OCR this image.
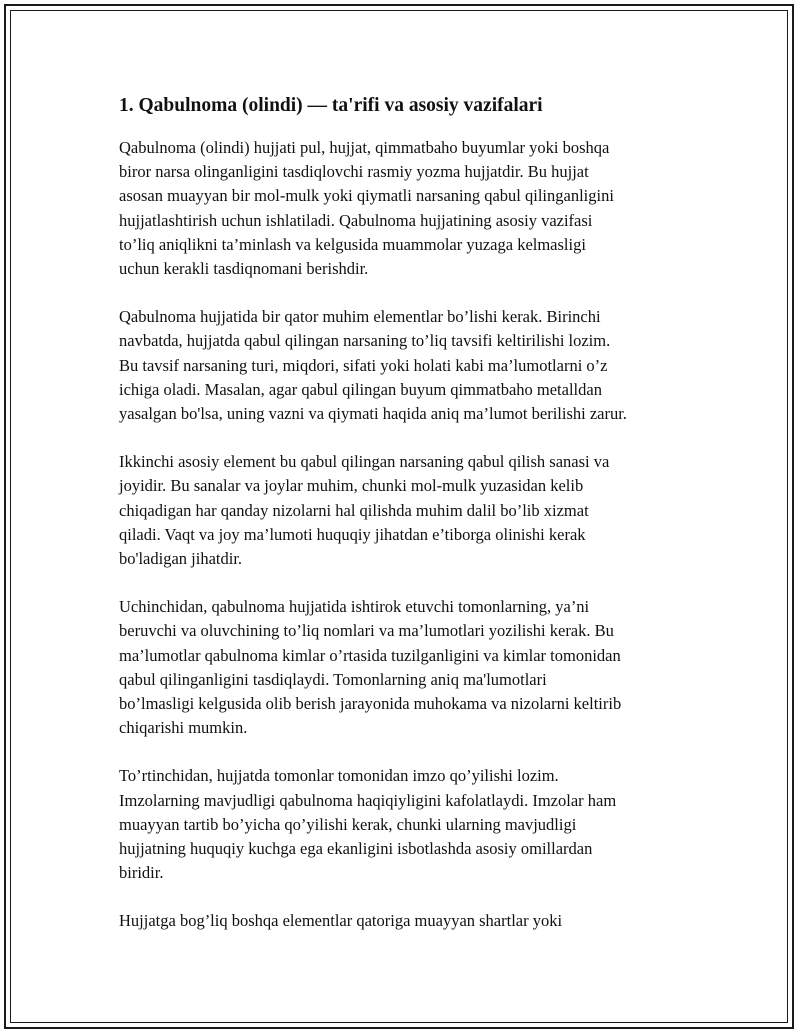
1. Qabulnoma (olindi) — ta'rifi va asosiy vazifalari
Qabulnoma (olindi) hujjati pul, hujjat, qimmatbaho buyumlar yoki boshqa
biror narsa olinganligini tasdiqlovchi rasmiy yozma hujjatdir. Bu hujjat
asosan muayyan bir mol-mulk yoki qiymatli narsaning qabul qilinganligini
hujjatlashtirish uchun ishlatiladi. Qabulnoma hujjatining asosiy vazifasi
to’liq aniqlikni ta’minlash va kelgusida muammolar yuzaga kelmasligi
uchun kerakli tasdiqnomani berishdir.
Qabulnoma hujjatida bir qator muhim elementlar bo’lishi kerak. Birinchi
navbatda, hujjatda qabul qilingan narsaning to’liq tavsifi keltirilishi lozim.
Bu tavsif narsaning turi, miqdori, sifati yoki holati kabi ma’lumotlarni o’z
ichiga oladi. Masalan, agar qabul qilingan buyum qimmatbaho metalldan
yasalgan bo'lsa, uning vazni va qiymati haqida aniq ma’lumot berilishi zarur.
Ikkinchi asosiy element bu qabul qilingan narsaning qabul qilish sanasi va
joyidir. Bu sanalar va joylar muhim, chunki mol-mulk yuzasidan kelib
chiqadigan har qanday nizolarni hal qilishda muhim dalil bo’lib xizmat
qiladi. Vaqt va joy ma’lumoti huquqiy jihatdan e’tiborga olinishi kerak
bo'ladigan jihatdir.
Uchinchidan, qabulnoma hujjatida ishtirok etuvchi tomonlarning, ya’ni
beruvchi va oluvchining to’liq nomlari va ma’lumotlari yozilishi kerak. Bu
ma’lumotlar qabulnoma kimlar o’rtasida tuzilganligini va kimlar tomonidan
qabul qilinganligini tasdiqlaydi. Tomonlarning aniq ma'lumotlari
bo’lmasligi kelgusida olib berish jarayonida muhokama va nizolarni keltirib
chiqarishi mumkin.
To’rtinchidan, hujjatda tomonlar tomonidan imzo qo’yilishi lozim.
Imzolarning mavjudligi qabulnoma haqiqiyligini kafolatlaydi. Imzolar ham
muayyan tartib bo’yicha qo’yilishi kerak, chunki ularning mavjudligi
hujjatning huquqiy kuchga ega ekanligini isbotlashda asosiy omillardan
biridir.
Hujjatga bog’liq boshqa elementlar qatoriga muayyan shartlar yoki
